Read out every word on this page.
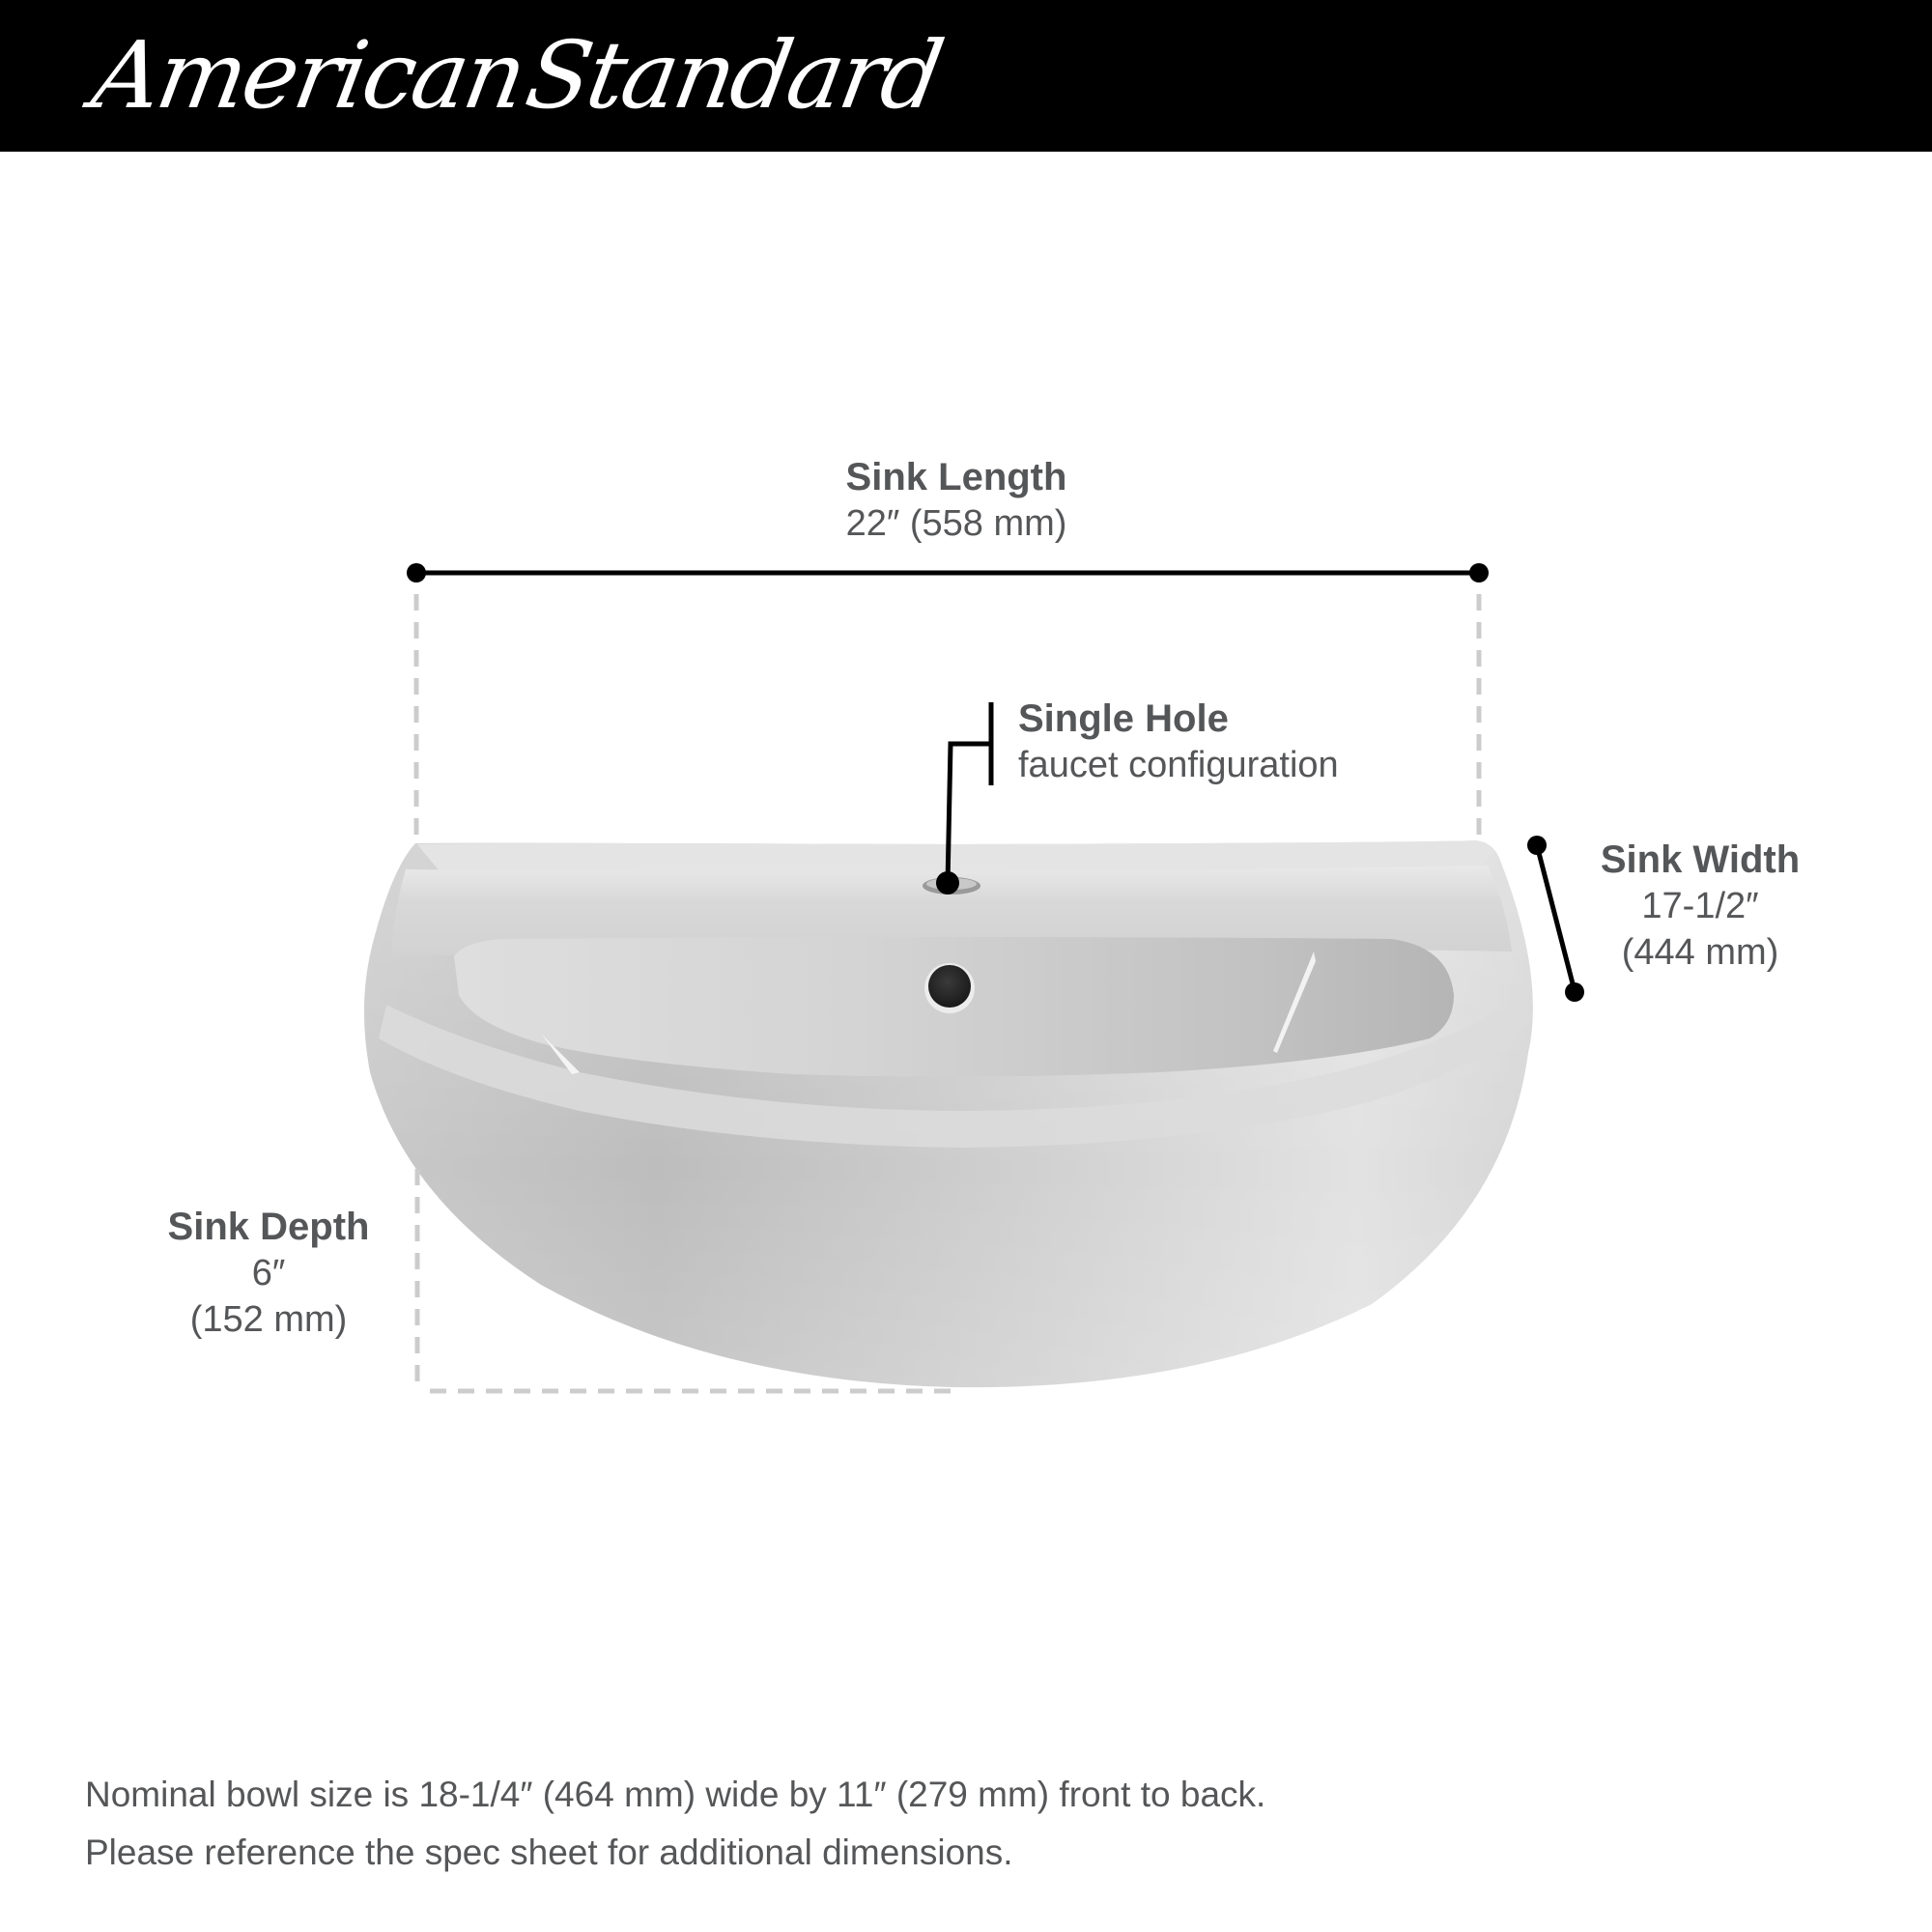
AmericanStandard
Sink Length
22″ (558 mm)
Single Hole
faucet configuration
Sink Width
17-1/2″
(444 mm)
Sink Depth
6″
(152 mm)
Nominal bowl size is 18-1/4″ (464 mm) wide by 11″ (279 mm) front to back.
Please reference the spec sheet for additional dimensions.
